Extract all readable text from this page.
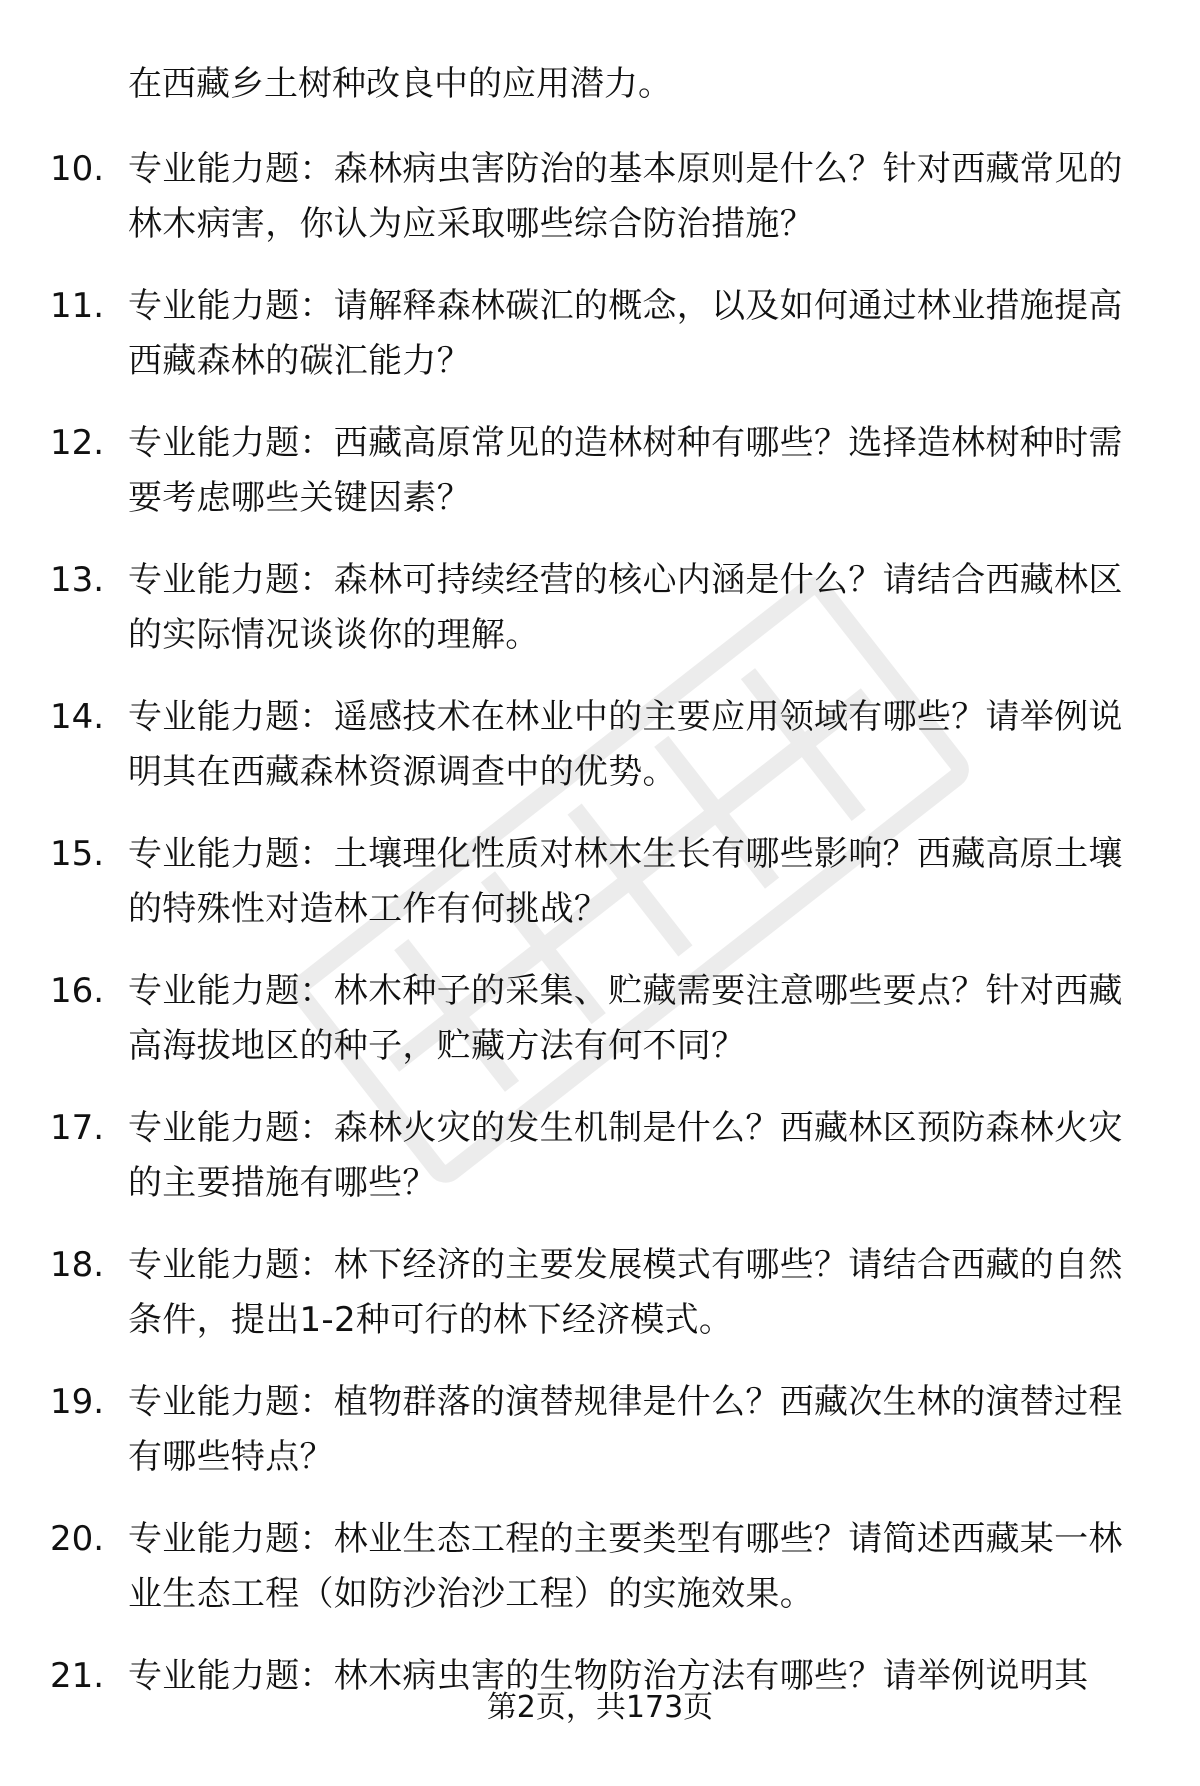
在西藏乡土树种改良中的应用潜力。
10. 专业能力题：森林病虫害防治的基本原则是什么？针对西藏常见的林木病害，你认为应采取哪些综合防治措施？
11. 专业能力题：请解释森林碳汇的概念，以及如何通过林业措施提高西藏森林的碳汇能力？
12. 专业能力题：西藏高原常见的造林树种有哪些？选择造林树种时需要考虑哪些关键因素？
13. 专业能力题：森林可持续经营的核心内涵是什么？请结合西藏林区的实际情况谈谈你的理解。
14. 专业能力题：遥感技术在林业中的主要应用领域有哪些？请举例说明其在西藏森林资源调查中的优势。
15. 专业能力题：土壤理化性质对林木生长有哪些影响？西藏高原土壤的特殊性对造林工作有何挑战？
16. 专业能力题：林木种子的采集、贮藏需要注意哪些要点？针对西藏高海拔地区的种子，贮藏方法有何不同？
17. 专业能力题：森林火灾的发生机制是什么？西藏林区预防森林火灾的主要措施有哪些？
18. 专业能力题：林下经济的主要发展模式有哪些？请结合西藏的自然条件，提出1-2种可行的林下经济模式。
19. 专业能力题：植物群落的演替规律是什么？西藏次生林的演替过程有哪些特点？
20. 专业能力题：林业生态工程的主要类型有哪些？请简述西藏某一林业生态工程（如防沙治沙工程）的实施效果。
21. 专业能力题：林木病虫害的生物防治方法有哪些？请举例说明其
第2页，共173页
